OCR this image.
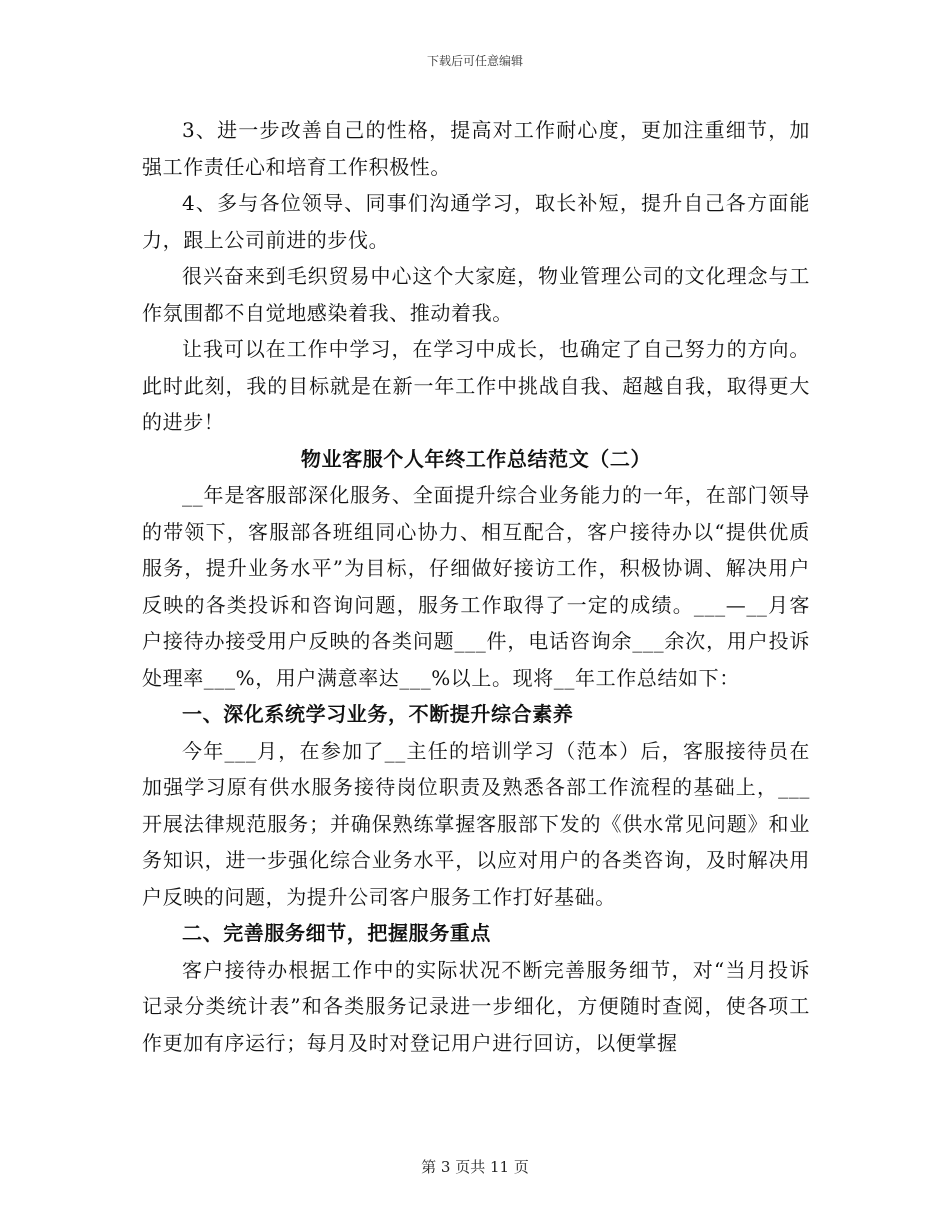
下载后可任意编辑

3、进一步改善自己的性格，提高对工作耐心度，更加注重细节，加强工作责任心和培育工作积极性。

4、多与各位领导、同事们沟通学习，取长补短，提升自己各方面能力，跟上公司前进的步伐。

很兴奋来到毛织贸易中心这个大家庭，物业管理公司的文化理念与工作氛围都不自觉地感染着我、推动着我。

让我可以在工作中学习，在学习中成长，也确定了自己努力的方向。此时此刻，我的目标就是在新一年工作中挑战自我、超越自我，取得更大的进步！

物业客服个人年终工作总结范文（二）

__年是客服部深化服务、全面提升综合业务能力的一年，在部门领导的带领下，客服部各班组同心协力、相互配合，客户接待办以“提供优质服务，提升业务水平”为目标，仔细做好接访工作，积极协调、解决用户反映的各类投诉和咨询问题，服务工作取得了一定的成绩。___—__月客户接待办接受用户反映的各类问题___件，电话咨询余___余次，用户投诉处理率___%，用户满意率达___%以上。现将__年工作总结如下：

一、深化系统学习业务，不断提升综合素养

今年___月，在参加了__主任的培训学习（范本）后，客服接待员在加强学习原有供水服务接待岗位职责及熟悉各部工作流程的基础上，___开展法律规范服务；并确保熟练掌握客服部下发的《供水常见问题》和业务知识，进一步强化综合业务水平，以应对用户的各类咨询，及时解决用户反映的问题，为提升公司客户服务工作打好基础。

二、完善服务细节，把握服务重点

客户接待办根据工作中的实际状况不断完善服务细节，对“当月投诉记录分类统计表”和各类服务记录进一步细化，方便随时查阅，使各项工作更加有序运行；每月及时对登记用户进行回访，以便掌握

第 3 页共 11 页
